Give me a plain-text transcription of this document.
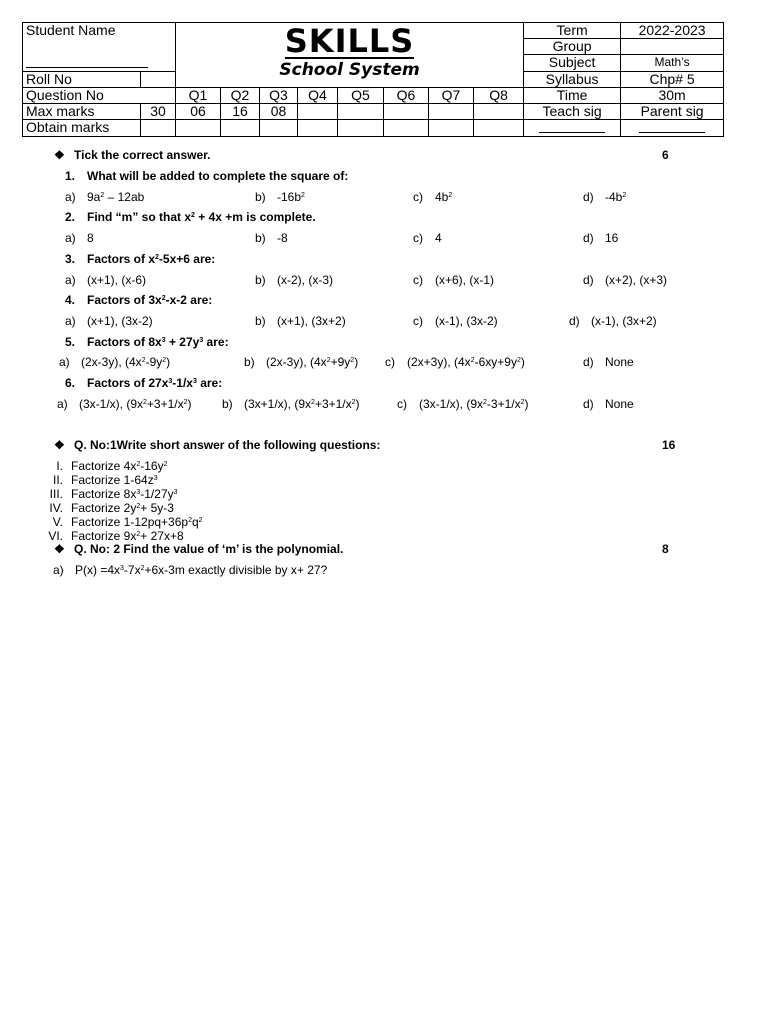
Student Name		SKILLS
School System								Term	2022-2023
										Group	
										Subject	Math’s
Roll No										Syllabus	Chp# 5
Question No		Q1	Q2	Q3	Q4	Q5	Q6	Q7	Q8	Time	30m
Max marks	30	06	16	08						Teach sig	Parent sig
Obtain marks											
❖ Tick the correct answer.	6
1. What will be added to complete the square of:
a) $9a^2 - 12ab$	b) $-16b^2$	c) $4b^2$	d) $-4b^2$
2. Find “m” so that $x^2 + 4x +m$ is complete.
a) 8	b) -8	c) 4	d) 16
3. Factors of $x^2-5x+6$ are:
a) (x+1), (x-6)	b) (x-2), (x-3)	c) (x+6), (x-1)	d) (x+2), (x+3)
4. Factors of $3x^2-x-2$ are:
a) (x+1), (3x-2)	b) (x+1), (3x+2)	c) (x-1), (3x-2)	d) (x-1), (3x+2)
5. Factors of $8x^3 + 27y^3$ are:
a) (2x-3y), $(4x^2-9y^2)$	b) (2x-3y), $(4x^2+9y^2)$ c) (2x+3y), $(4x^2-6xy+9y^2)$	d) None
6. Factors of $27x^3-1/x^3$ are:
a) (3x-1/x), $(9x^2+3+1/x^2)$	b) (3x+1/x), $(9x^2+3+1/x^2)$	c) (3x-1/x), $(9x^2-3+1/x^2)$	d) None
❖ Q. No:1Write short answer of the following questions:	16
I. Factorize $4x^2-16y^2$
II. Factorize $1-64z^3$
III. Factorize $8x^3-1/27y^3$
IV. Factorize $2y^2+ 5y-3$
V. Factorize $1-12pq+36p^2q^2$
VI. Factorize $9x^2+ 27x+8$
❖ Q. No: 2 Find the value of ‘m’ is the polynomial.	8
a) $P(x) =4x^3-7x^2+6x-3m$ exactly divisible by x+ 27?
